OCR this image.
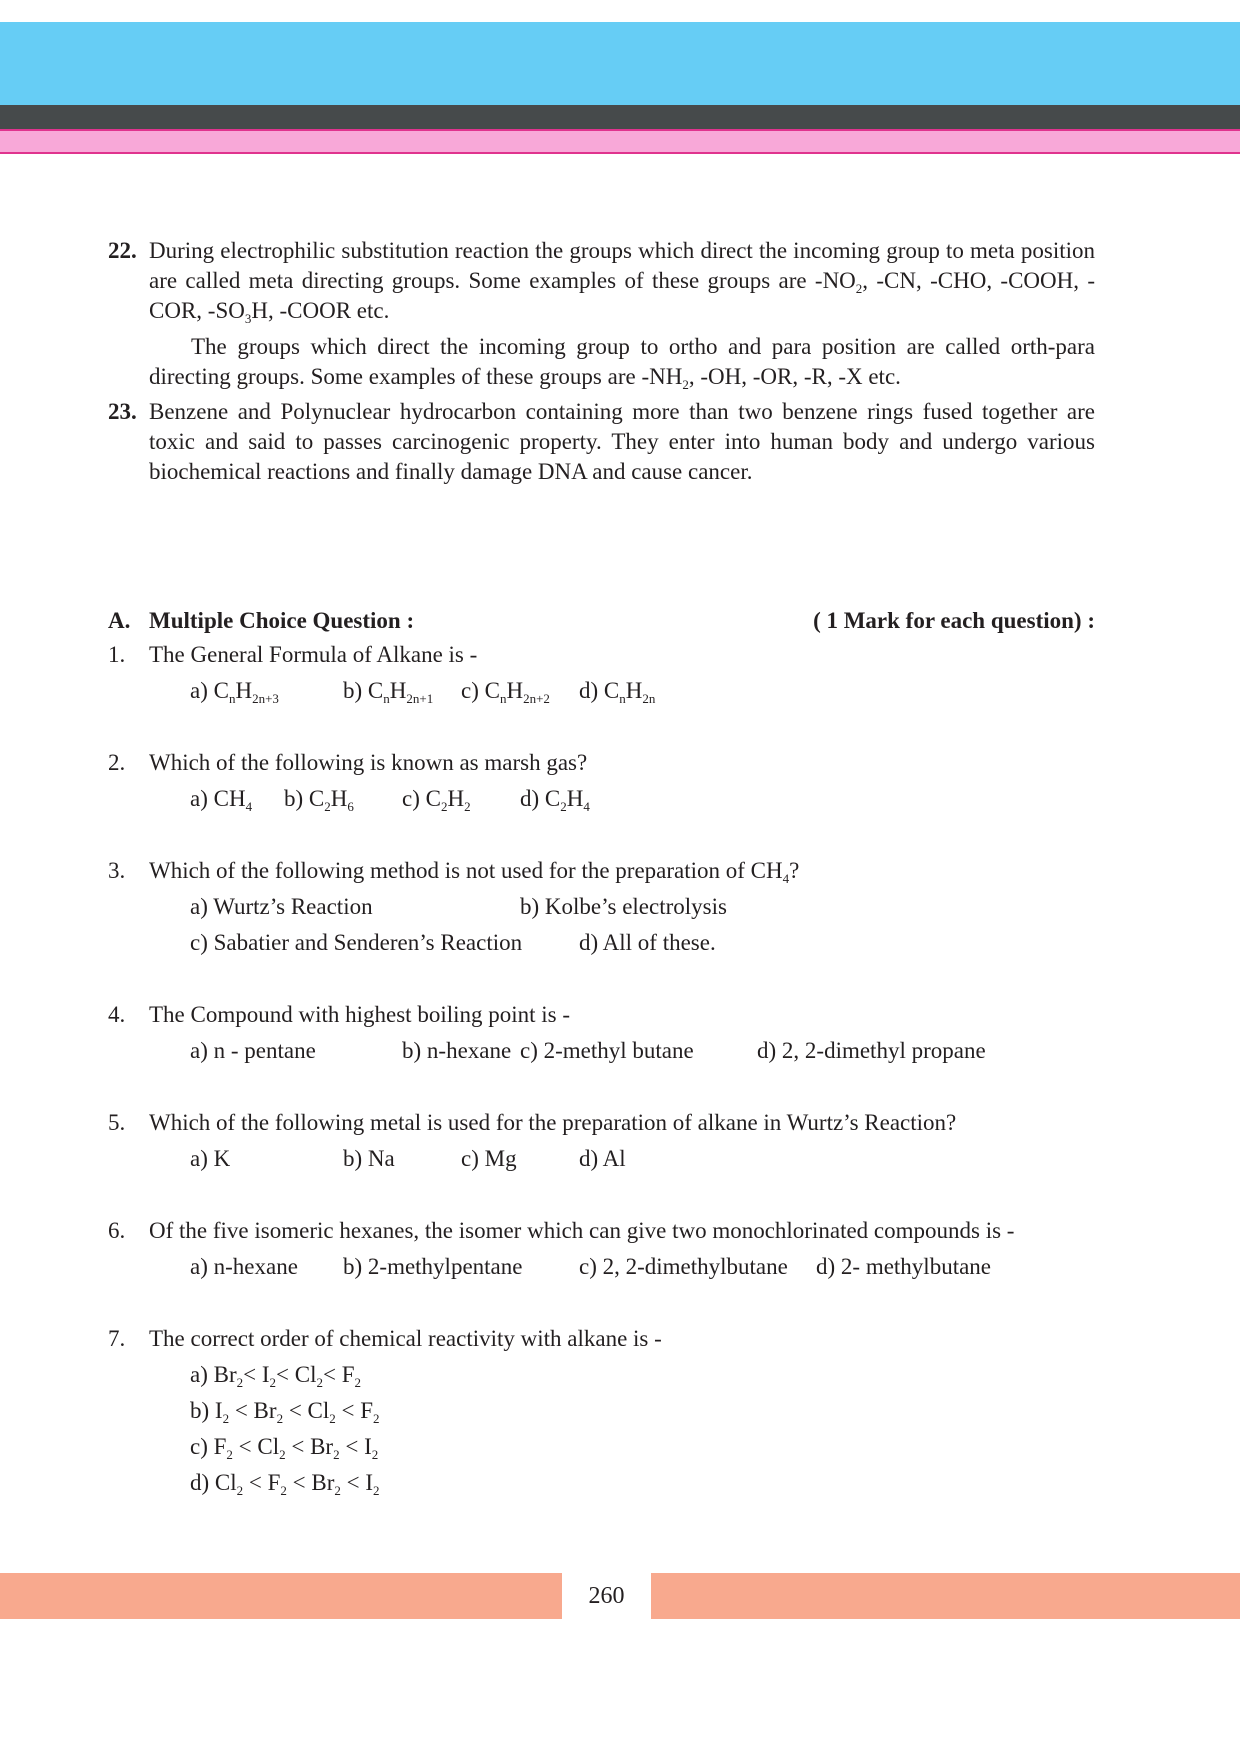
22. During electrophilic substitution reaction the groups which direct the incoming group to meta position are called meta directing groups. Some examples of these groups are $-NO_2$, -CN, -CHO, -COOH, -COR, $-SO_3H$, -COOR etc.

The groups which direct the incoming group to ortho and para position are called orth-para directing groups. Some examples of these groups are $-NH_2$, -OH, -OR, -R, -X etc.

23. Benzene and Polynuclear hydrocarbon containing more than two benzene rings fused together are toxic and said to passes carcinogenic property. They enter into human body and undergo various biochemical reactions and finally damage DNA and cause cancer.

A. Multiple Choice Question :	( 1 Mark for each question) :
1. The General Formula of Alkane is -
a) $C_nH_{2n+3}$	b) $C_nH_{2n+1}$ c) $C_nH_{2n+2}$ d) $C_nH_{2n}$
2. Which of the following is known as marsh gas?
a) $CH_4$ b) $C_2H_6$ c) $C_2H_2$ d) $C_2H_4$
3. Which of the following method is not used for the preparation of $CH_4$?
a) Wurtz’s Reaction	b) Kolbe’s electrolysis
c) Sabatier and Senderen’s Reaction d) All of these.
4. The Compound with highest boiling point is -
a) n - pentane	b) n-hexane c) 2-methyl butane	d) 2, 2-dimethyl propane
5. Which of the following metal is used for the preparation of alkane in Wurtz’s Reaction?
a) K	b) Na	c) Mg	d) Al
6. Of the five isomeric hexanes, the isomer which can give two monochlorinated compounds is -
a) n-hexane b) 2-methylpentane c) 2, 2-dimethylbutane d) 2- methylbutane
7. The correct order of chemical reactivity with alkane is -
a) $Br_2< I_2< Cl_2< F_2$
b) $I_2 < Br_2 < Cl_2 < F_2$
c) $F_2 < Cl_2 < Br_2 < I_2$
d) $Cl_2 < F_2 < Br_2 < I_2$
260
